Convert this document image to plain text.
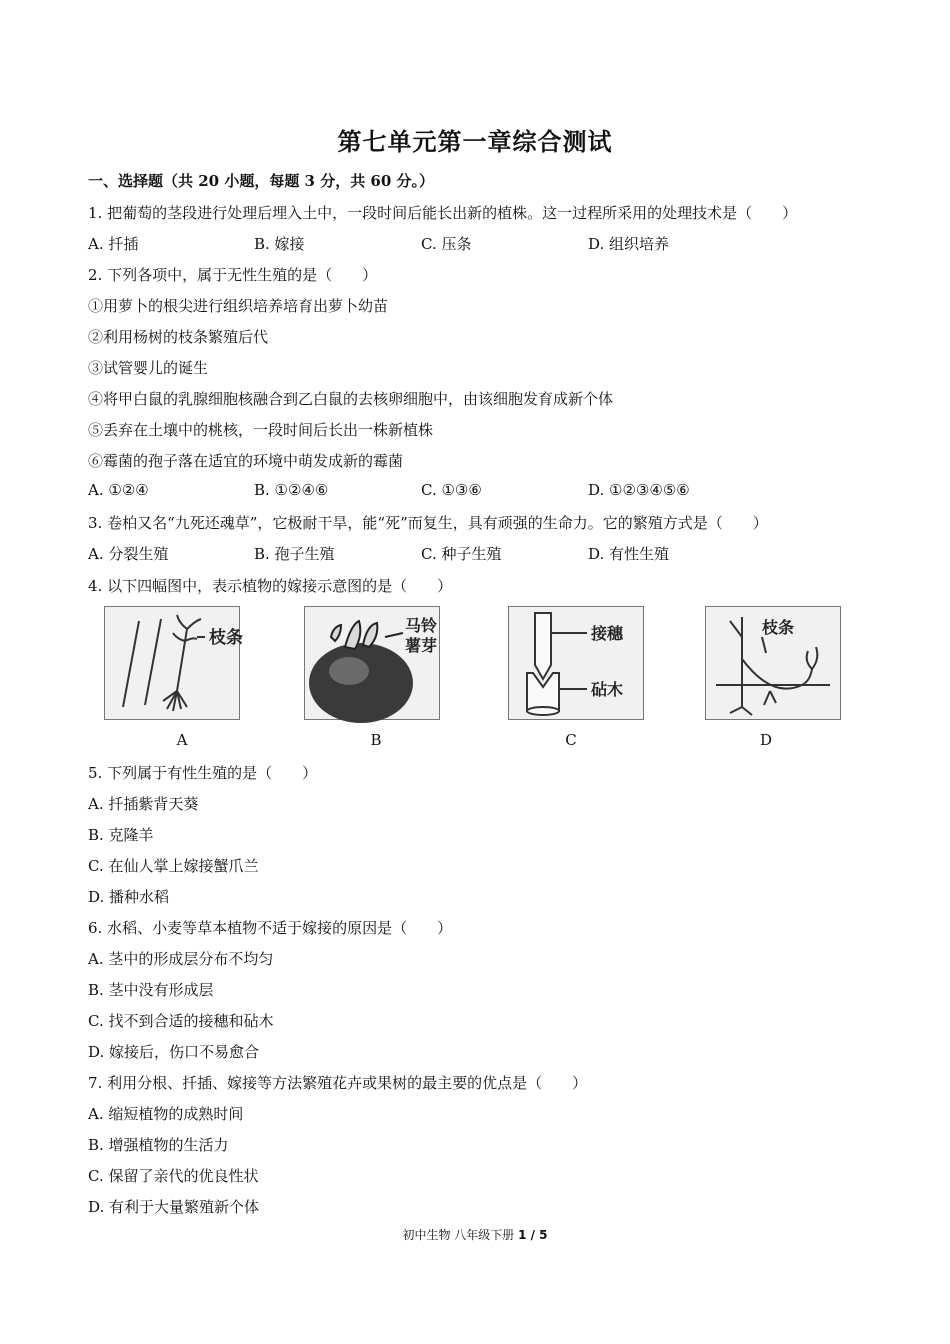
第七单元第一章综合测试
一、选择题（共 20 小题，每题 3 分，共 60 分。）
1. 把葡萄的茎段进行处理后埋入土中，一段时间后能长出新的植株。这一过程所采用的处理技术是（　　）
A. 扦插	B. 嫁接	C. 压条	D. 组织培养
2. 下列各项中，属于无性生殖的是（　　）
②利用杨树的枝条繁殖后代
①用萝卜的根尖进行组织培养培育出萝卜幼苗
③试管婴儿的诞生
④将甲白鼠的乳腺细胞核融合到乙白鼠的去核卵细胞中，由该细胞发育成新个体
⑤丢弃在土壤中的桃核，一段时间后长出一株新植株
⑥霉菌的孢子落在适宜的环境中萌发成新的霉菌
A. ①②④	B. ①②④⑥	C. ①③⑥	D. ①②③④⑤⑥
3. 卷柏又名“九死还魂草”，它极耐干旱，能“死”而复生，具有顽强的生命力。它的繁殖方式是（　　）
A. 分裂生殖	B. 孢子生殖	C. 种子生殖	D. 有性生殖
4. 以下四幅图中，表示植物的嫁接示意图的是（　　）
枝条
马铃
薯芽
接穗
砧木
枝条
A	B	C	D
5. 下列属于有性生殖的是（　　）
A. 扦插紫背天葵
B. 克隆羊
C. 在仙人掌上嫁接蟹爪兰
D. 播种水稻
6. 水稻、小麦等草本植物不适于嫁接的原因是（　　）
A. 茎中的形成层分布不均匀
B. 茎中没有形成层
C. 找不到合适的接穗和砧木
D. 嫁接后，伤口不易愈合
7. 利用分根、扦插、嫁接等方法繁殖花卉或果树的最主要的优点是（　　）
A. 缩短植物的成熟时间
B. 增强植物的生活力
C. 保留了亲代的优良性状
D. 有利于大量繁殖新个体
初中生物 八年级下册 1 / 5
